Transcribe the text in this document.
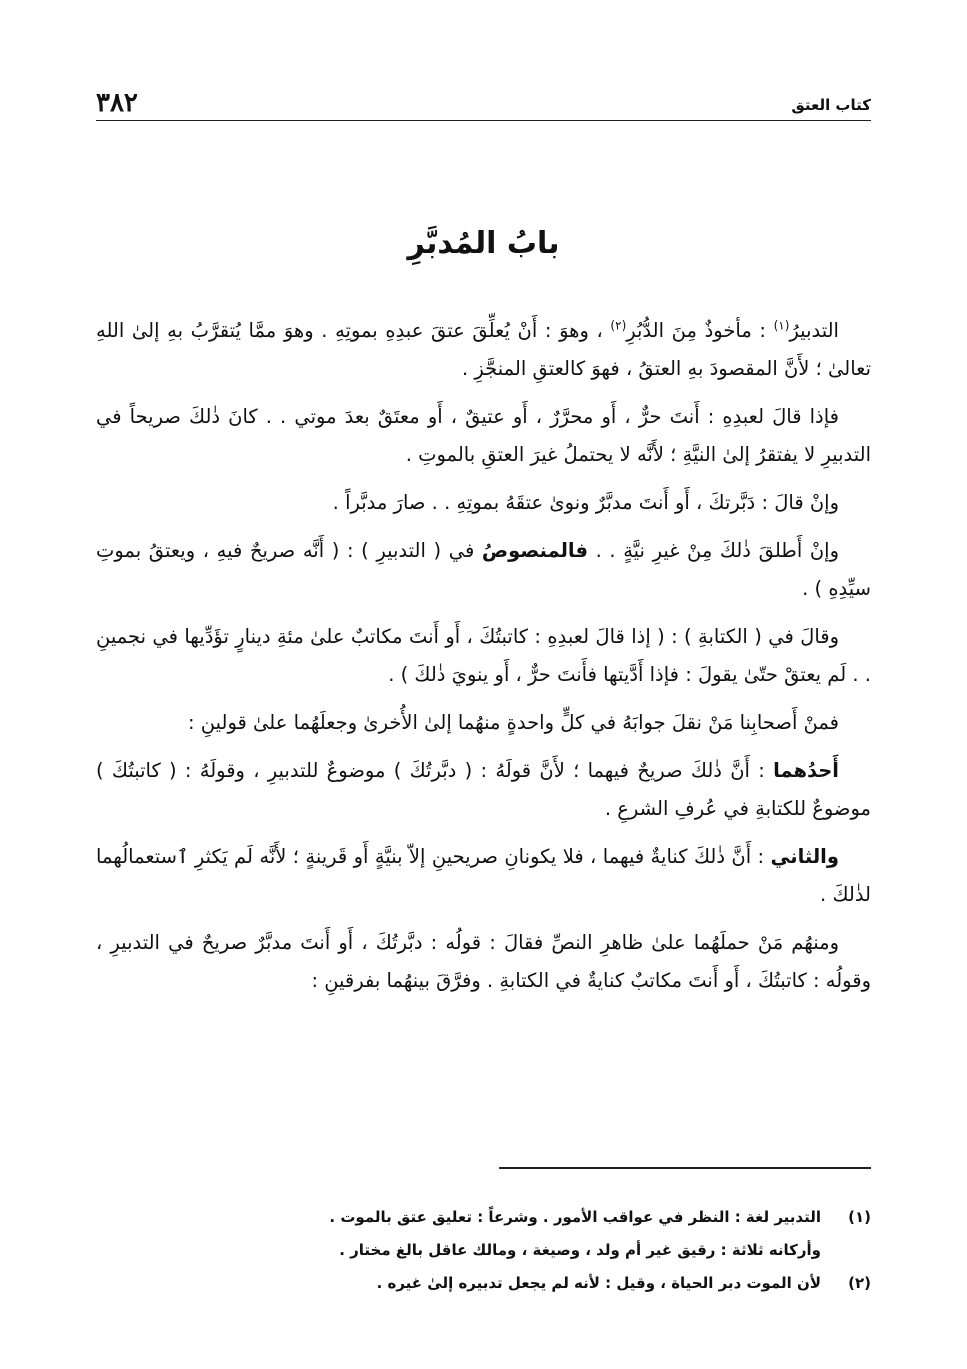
كتاب العتق
٣٨٢
بابُ المُدبَّرِ

التدبيرُ$^{(١)}$ : مأخوذٌ مِنَ الدُّبُرِ$^{(٢)}$ ، وهوَ : أَنْ يُعلِّقَ عتقَ عبدِهِ بموتِهِ . وهوَ ممَّا يُتقرَّبُ بهِ إلىٰ اللهِ تعالىٰ ؛ لأَنَّ المقصودَ بهِ العتقُ ، فهوَ كالعتقِ المنجَّزِ .

فإذا قالَ لعبدِهِ : أَنتَ حرٌّ ، أَو محرَّرٌ ، أَو عتيقٌ ، أَو معتَقٌ بعدَ موتي . . كانَ ذٰلكَ صريحاً في التدبيرِ لا يفتقرُ إلىٰ النيَّةِ ؛ لأَنَّه لا يحتملُ غيرَ العتقِ بالموتِ .

وإنْ قالَ : دَبَّرتكَ ، أَو أَنتَ مدبَّرٌ ونوىٰ عتقَهُ بموتِهِ . . صارَ مدبَّراً .

وإنْ أَطلقَ ذٰلكَ مِنْ غيرِ نيَّةٍ . . فالمنصوصُ في ( التدبيرِ ) : ( أَنَّه صريحٌ فيهِ ، ويعتقُ بموتِ سيِّدِهِ ) .

وقالَ في ( الكتابةِ ) : ( إذا قالَ لعبدِهِ : كاتبتُكَ ، أَو أَنتَ مكاتبٌ علىٰ مئةِ دينارٍ تؤَدِّيها في نجمينِ . . لَم يعتقْ حتّىٰ يقولَ : فإذا أَدَّيتها فأَنتَ حرٌّ ، أَو ينويَ ذٰلكَ ) .

فمنْ أَصحابِنا مَنْ نقلَ جوابَهُ في كلٍّ واحدةٍ منهُما إلىٰ الأُخرىٰ وجعلَهُما علىٰ قولينِ :

أَحدُهما : أَنَّ ذٰلكَ صريحٌ فيهما ؛ لأَنَّ قولَهُ : ( دبَّرتُكَ ) موضوعٌ للتدبيرِ ، وقولَهُ : ( كاتبتُكَ ) موضوعٌ للكتابةِ في عُرفِ الشرعِ .

والثاني : أَنَّ ذٰلكَ كنايةٌ فيهما ، فلا يكونانِ صريحينِ إلاّ بنيَّةٍ أَو قَرينةٍ ؛ لأَنَّه لَم يَكثرِ ٱستعمالُهما لذٰلكَ .

ومنهُم مَنْ حملَهُما علىٰ ظاهرِ النصِّ فقالَ : قولُه : دبَّرتُكَ ، أَو أَنتَ مدبَّرٌ صريحٌ في التدبيرِ ، وقولُه : كاتبتُكَ ، أَو أَنتَ مكاتبٌ كنايةٌ في الكتابةِ . وفرَّقَ بينهُما بفرقينِ :

(١)
التدبير لغة : النظر في عواقب الأمور . وشرعاً : تعليق عتق بالموت .
وأركانه ثلاثة : رقيق غير أم ولد ، وصيغة ، ومالك عاقل بالغ مختار .
(٢)
لأن الموت دبر الحياة ، وقيل : لأنه لم يجعل تدبيره إلىٰ غيره .
